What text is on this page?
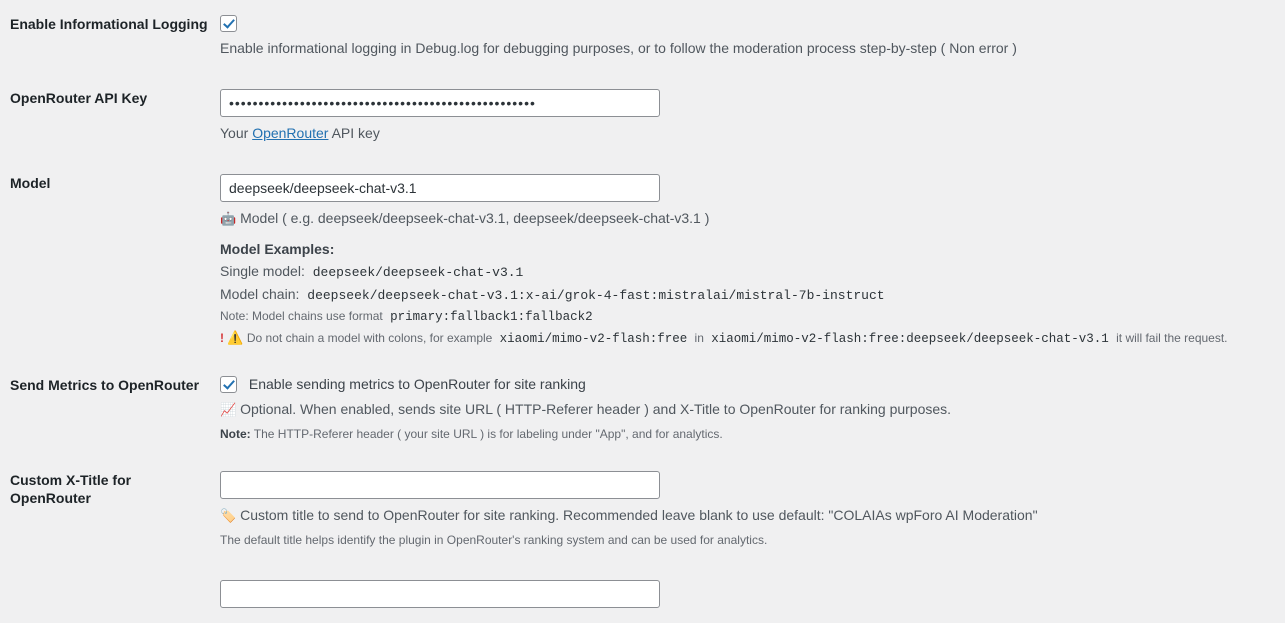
Enable Informational Logging	Enable informational logging in Debug.log for debugging purposes, or to follow the moderation process step-by-step ( Non error )

OpenRouter API Key	••••••••••••••••••••••••••••••••••••••••••••••••••••
Your OpenRouter API key

Model	deepseek/deepseek-chat-v3.1
🤖 Model ( e.g. deepseek/deepseek-chat-v3.1, deepseek/deepseek-chat-v3.1 )
Model Examples:
Single model: deepseek/deepseek-chat-v3.1
Model chain: deepseek/deepseek-chat-v3.1:x-ai/grok-4-fast:mistralai/mistral-7b-instruct
Note: Model chains use format primary:fallback1:fallback2
! ⚠️ Do not chain a model with colons, for example xiaomi/mimo-v2-flash:free in xiaomi/mimo-v2-flash:free:deepseek/deepseek-chat-v3.1 it will fail the request.

Send Metrics to OpenRouter	Enable sending metrics to OpenRouter for site ranking
📈 Optional. When enabled, sends site URL ( HTTP-Referer header ) and X-Title to OpenRouter for ranking purposes.
Note: The HTTP-Referer header ( your site URL ) is for labeling under "App", and for analytics.

Custom X-Title for OpenRouter	🏷️ Custom title to send to OpenRouter for site ranking. Recommended leave blank to use default: "COLAIAs wpForo AI Moderation"
The default title helps identify the plugin in OpenRouter's ranking system and can be used for analytics.
